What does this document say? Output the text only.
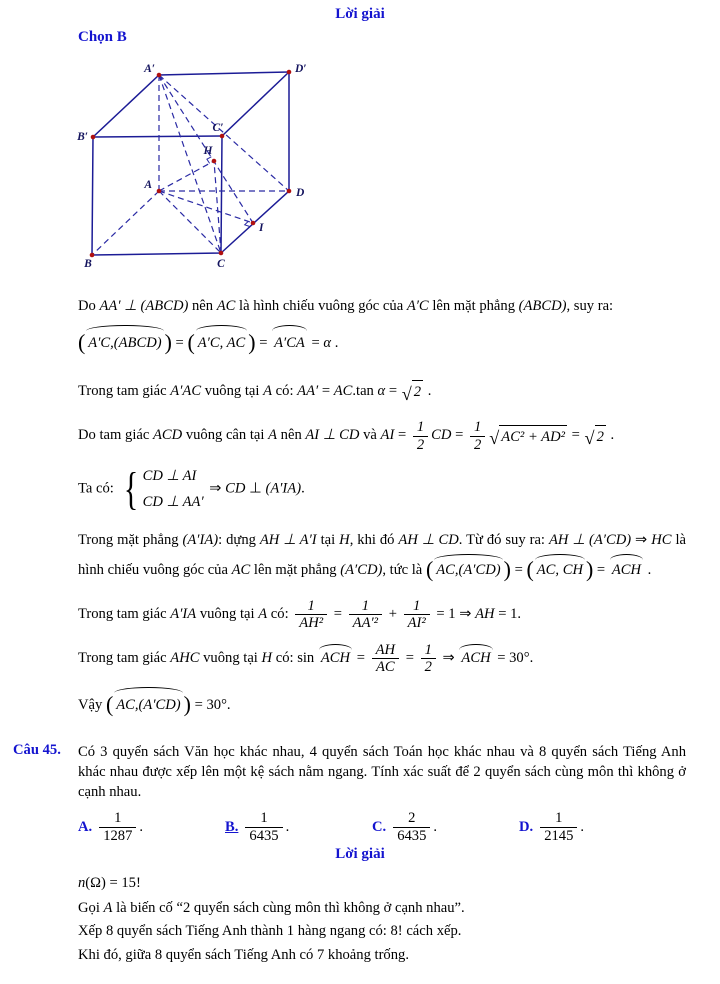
Lời giải
Chọn B
A′	D′
B′
C′
H
A
D
I
B	C
Do AA′ ⊥ (ABCD) nên AC là hình chiếu vuông góc của A′C lên mặt phẳng (ABCD), suy ra:
( A′C,(ABCD) ) = ( A′C, AC ) = A′CA = α .
Trong tam giác A′AC vuông tại A có: AA′ = AC.tan α = √ 2 .
Do tam giác ACD vuông cân tại A nên AI ⊥ CD và AI = $\frac{1}{2}$ CD = $\frac{1}{2}$ √ AC² + AD² = √ 2 .
Ta có: { CD ⊥ AI
CD ⊥ AA′
⇒ CD ⊥ (A′IA).
Trong mặt phẳng (A′IA): dựng AH ⊥ A′I tại H, khi đó AH ⊥ CD. Từ đó suy ra: AH ⊥ (A′CD) ⇒ HC là hình chiếu vuông góc của AC lên mặt phẳng (A′CD), tức là ( AC,(A′CD) ) = ( AC, CH ) = ACH .
Trong tam giác A′IA vuông tại A có: $\frac{1}{\text{AH²}} = \frac{1}{\text{AA′²}} + \frac{1}{\text{AI²}} = 1$ ⇒ AH = 1.
Trong tam giác AHC vuông tại H có: sin ACH = $\frac{AH}{AC} = \frac{1}{2}$ ⇒ ACH = 30°.
Vậy ( AC,(A′CD) ) = 30°.
Câu 45.	Có 3 quyển sách Văn học khác nhau, 4 quyển sách Toán học khác nhau và 8 quyển sách Tiếng Anh khác nhau được xếp lên một kệ sách nằm ngang. Tính xác suất để 2 quyển sách cùng môn thì không ở cạnh nhau.
A. $\frac{1}{1287}$ .	B. $\frac{1}{6435}$ .	C. $\frac{2}{6435}$ .	D. $\frac{1}{2145}$ .
Lời giải
n(Ω) = 15!
Gọi A là biến cố “2 quyển sách cùng môn thì không ở cạnh nhau”.
Xếp 8 quyển sách Tiếng Anh thành 1 hàng ngang có: 8! cách xếp.
Khi đó, giữa 8 quyển sách Tiếng Anh có 7 khoảng trống.
